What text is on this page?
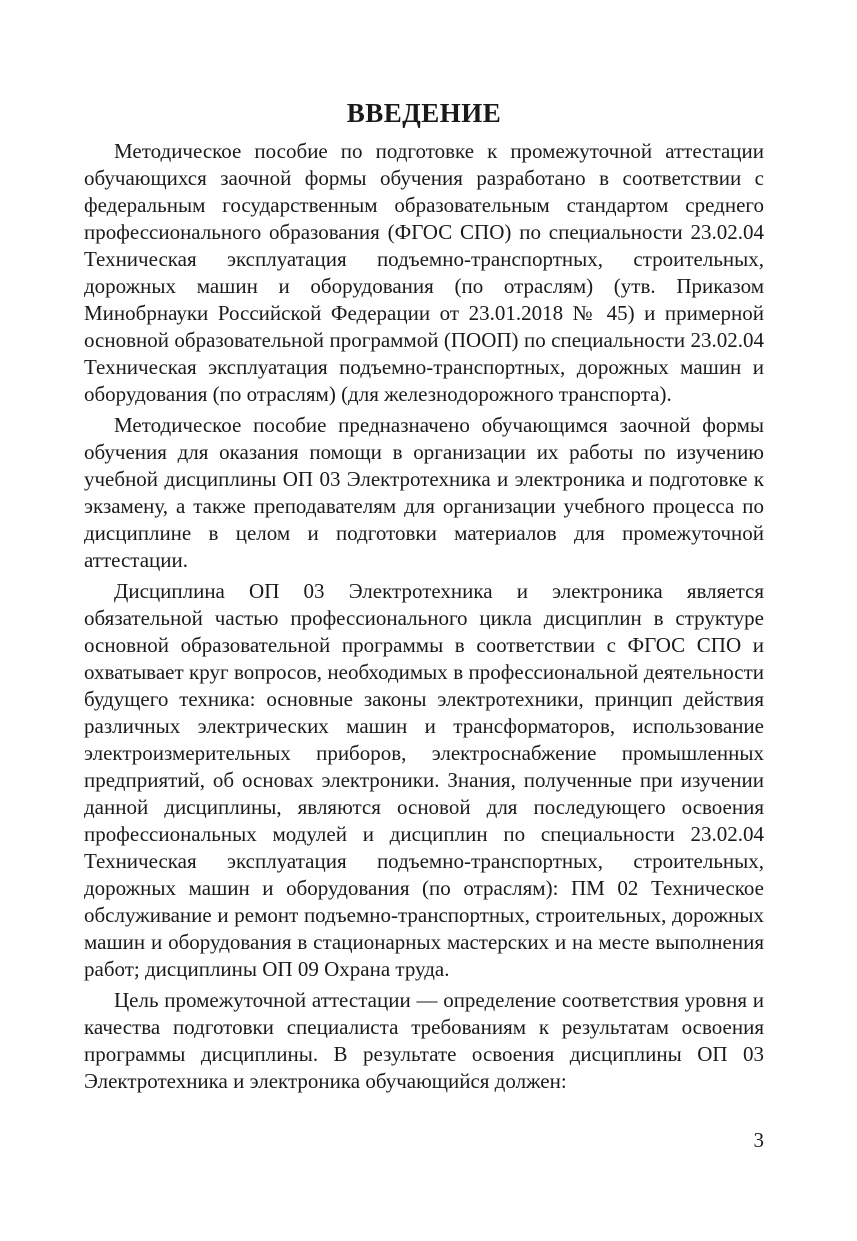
ВВЕДЕНИЕ

Методическое пособие по подготовке к промежуточной аттестации обучающихся заочной формы обучения разработано в соответствии с федеральным государственным образовательным стандартом среднего профессионального образования (ФГОС СПО) по специальности 23.02.04 Техническая эксплуатация подъемно-транспортных, строительных, дорожных машин и оборудования (по отраслям) (утв. Приказом Минобрнауки Российской Федерации от 23.01.2018 № 45) и примерной основной образовательной программой (ПООП) по специальности 23.02.04 Техническая эксплуатация подъемно-транспортных, дорожных машин и оборудования (по отраслям) (для железнодорожного транспорта).

Методическое пособие предназначено обучающимся заочной формы обучения для оказания помощи в организации их работы по изучению учебной дисциплины ОП 03 Электротехника и электроника и подготовке к экзамену, а также преподавателям для организации учебного процесса по дисциплине в целом и подготовки материалов для промежуточной аттестации.

Дисциплина ОП 03 Электротехника и электроника является обязательной частью профессионального цикла дисциплин в структуре основной образовательной программы в соответствии с ФГОС СПО и охватывает круг вопросов, необходимых в профессиональной деятельности будущего техника: основные законы электротехники, принцип действия различных электрических машин и трансформаторов, использование электроизмерительных приборов, электроснабжение промышленных предприятий, об основах электроники. Знания, полученные при изучении данной дисциплины, являются основой для последующего освоения профессиональных модулей и дисциплин по специальности 23.02.04 Техническая эксплуатация подъемно-транспортных, строительных, дорожных машин и оборудования (по отраслям): ПМ 02 Техническое обслуживание и ремонт подъемно-транспортных, строительных, дорожных машин и оборудования в стационарных мастерских и на месте выполнения работ; дисциплины ОП 09 Охрана труда.

Цель промежуточной аттестации — определение соответствия уровня и качества подготовки специалиста требованиям к результатам освоения программы дисциплины. В результате освоения дисциплины ОП 03 Электротехника и электроника обучающийся должен:

3
